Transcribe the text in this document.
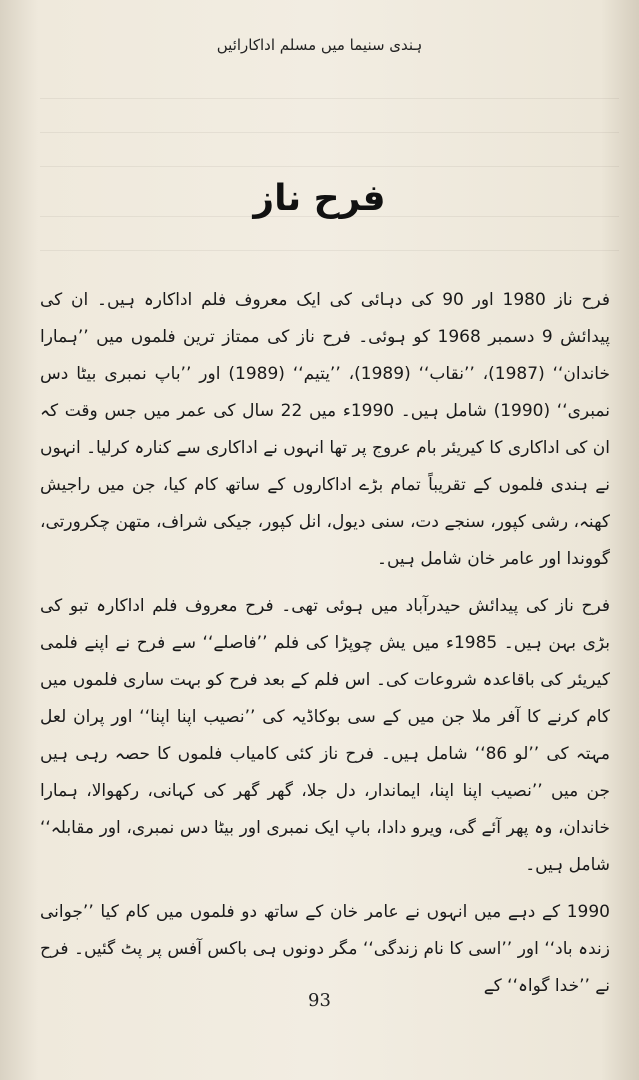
ہندی سنیما میں مسلم اداکارائیں
فرح ناز

فرح ناز 1980 اور 90 کی دہائی کی ایک معروف فلم اداکارہ ہیں۔ ان کی پیدائش 9 دسمبر 1968 کو ہوئی۔ فرح ناز کی ممتاز ترین فلموں میں ’’ہمارا خاندان‘‘ (1987)، ’’نقاب‘‘ (1989)، ’’یتیم‘‘ (1989) اور ’’باپ نمبری بیٹا دس نمبری‘‘ (1990) شامل ہیں۔ 1990ء میں 22 سال کی عمر میں جس وقت کہ ان کی اداکاری کا کیریئر بام عروج پر تھا انہوں نے اداکاری سے کنارہ کرلیا۔ انہوں نے ہندی فلموں کے تقریباً تمام بڑے اداکاروں کے ساتھ کام کیا، جن میں راجیش کھنہ، رشی کپور، سنجے دت، سنی دیول، انل کپور، جیکی شراف، متھن چکرورتی، گووندا اور عامر خان شامل ہیں۔

فرح ناز کی پیدائش حیدرآباد میں ہوئی تھی۔ فرح معروف فلم اداکارہ تبو کی بڑی بہن ہیں۔ 1985ء میں یش چوپڑا کی فلم ’’فاصلے‘‘ سے فرح نے اپنے فلمی کیریئر کی باقاعدہ شروعات کی۔ اس فلم کے بعد فرح کو بہت ساری فلموں میں کام کرنے کا آفر ملا جن میں کے سی بوکاڈیہ کی ’’نصیب اپنا اپنا‘‘ اور پران لعل مہتہ کی ’’لو 86‘‘ شامل ہیں۔ فرح ناز کئی کامیاب فلموں کا حصہ رہی ہیں جن میں ’’نصیب اپنا اپنا، ایماندار، دل جلا، گھر گھر کی کہانی، رکھوالا، ہمارا خاندان، وہ پھر آئے گی، ویرو دادا، باپ ایک نمبری اور بیٹا دس نمبری، اور مقابلہ‘‘ شامل ہیں۔

1990 کے دہے میں انہوں نے عامر خان کے ساتھ دو فلموں میں کام کیا ’’جوانی زندہ باد‘‘ اور ’’اسی کا نام زندگی‘‘ مگر دونوں ہی باکس آفس پر پٹ گئیں۔ فرح نے ’’خدا گواہ‘‘ کے

93
